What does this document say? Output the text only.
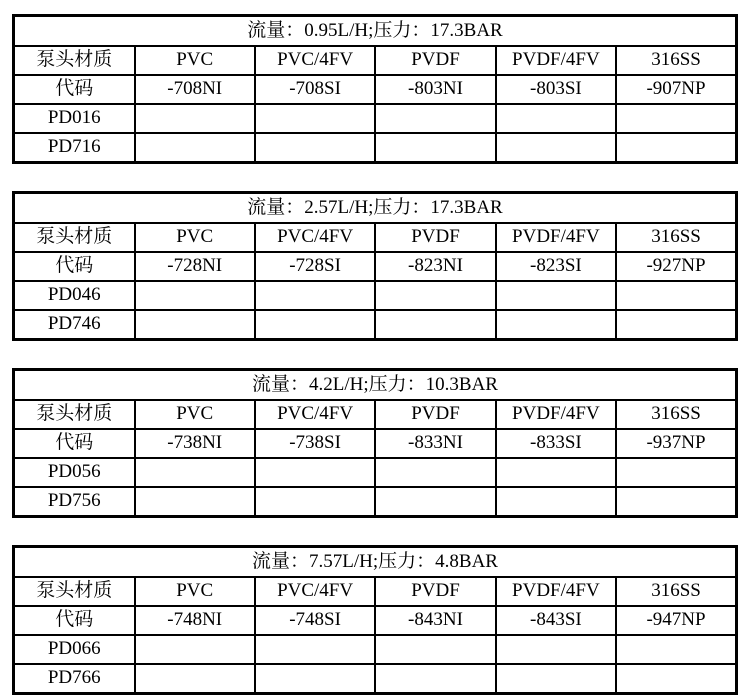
流量：0.95L/H;压力：17.3BAR					
泵头材质	PVC	PVC/4FV	PVDF	PVDF/4FV	316SS
代码	-708NI	-708SI	-803NI	-803SI	-907NP
PD016					
PD716					
流量：2.57L/H;压力：17.3BAR					
泵头材质	PVC	PVC/4FV	PVDF	PVDF/4FV	316SS
代码	-728NI	-728SI	-823NI	-823SI	-927NP
PD046					
PD746					
流量：4.2L/H;压力：10.3BAR					
泵头材质	PVC	PVC/4FV	PVDF	PVDF/4FV	316SS
代码	-738NI	-738SI	-833NI	-833SI	-937NP
PD056					
PD756					
流量：7.57L/H;压力：4.8BAR					
泵头材质	PVC	PVC/4FV	PVDF	PVDF/4FV	316SS
代码	-748NI	-748SI	-843NI	-843SI	-947NP
PD066					
PD766					
